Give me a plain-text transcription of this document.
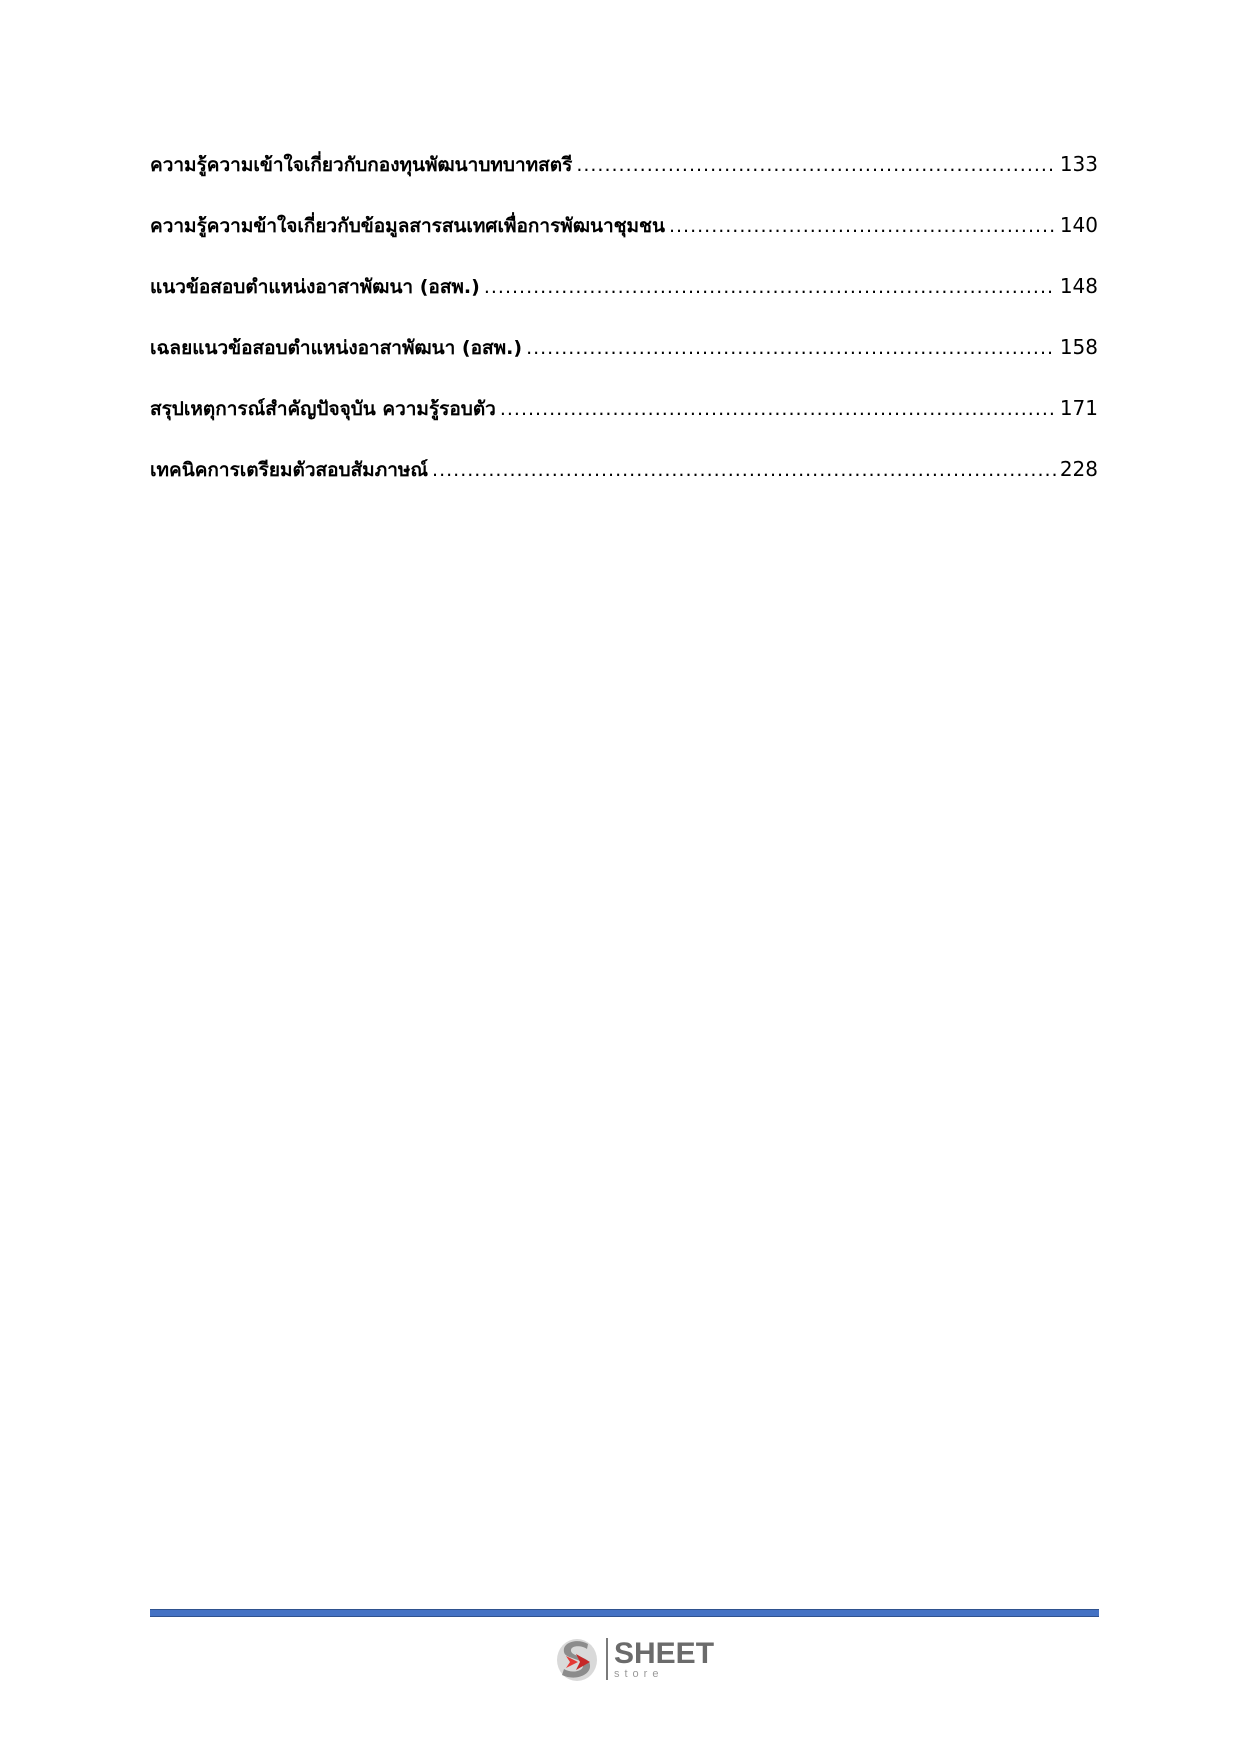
ความรู้ความเข้าใจเกี่ยวกับกองทุนพัฒนาบทบาทสตรี .....	133
ความรู้ความข้าใจเกี่ยวกับข้อมูลสารสนเทศเพื่อการพัฒนาชุมชน .....	140
แนวข้อสอบตำแหน่งอาสาพัฒนา (อสพ.) .....	148
เฉลยแนวข้อสอบตำแหน่งอาสาพัฒนา (อสพ.) .....	158
สรุปเหตุการณ์สำคัญปัจจุบัน ความรู้รอบตัว .....	171
เทคนิคการเตรียมตัวสอบสัมภาษณ์ .....	228
SHEET
store
